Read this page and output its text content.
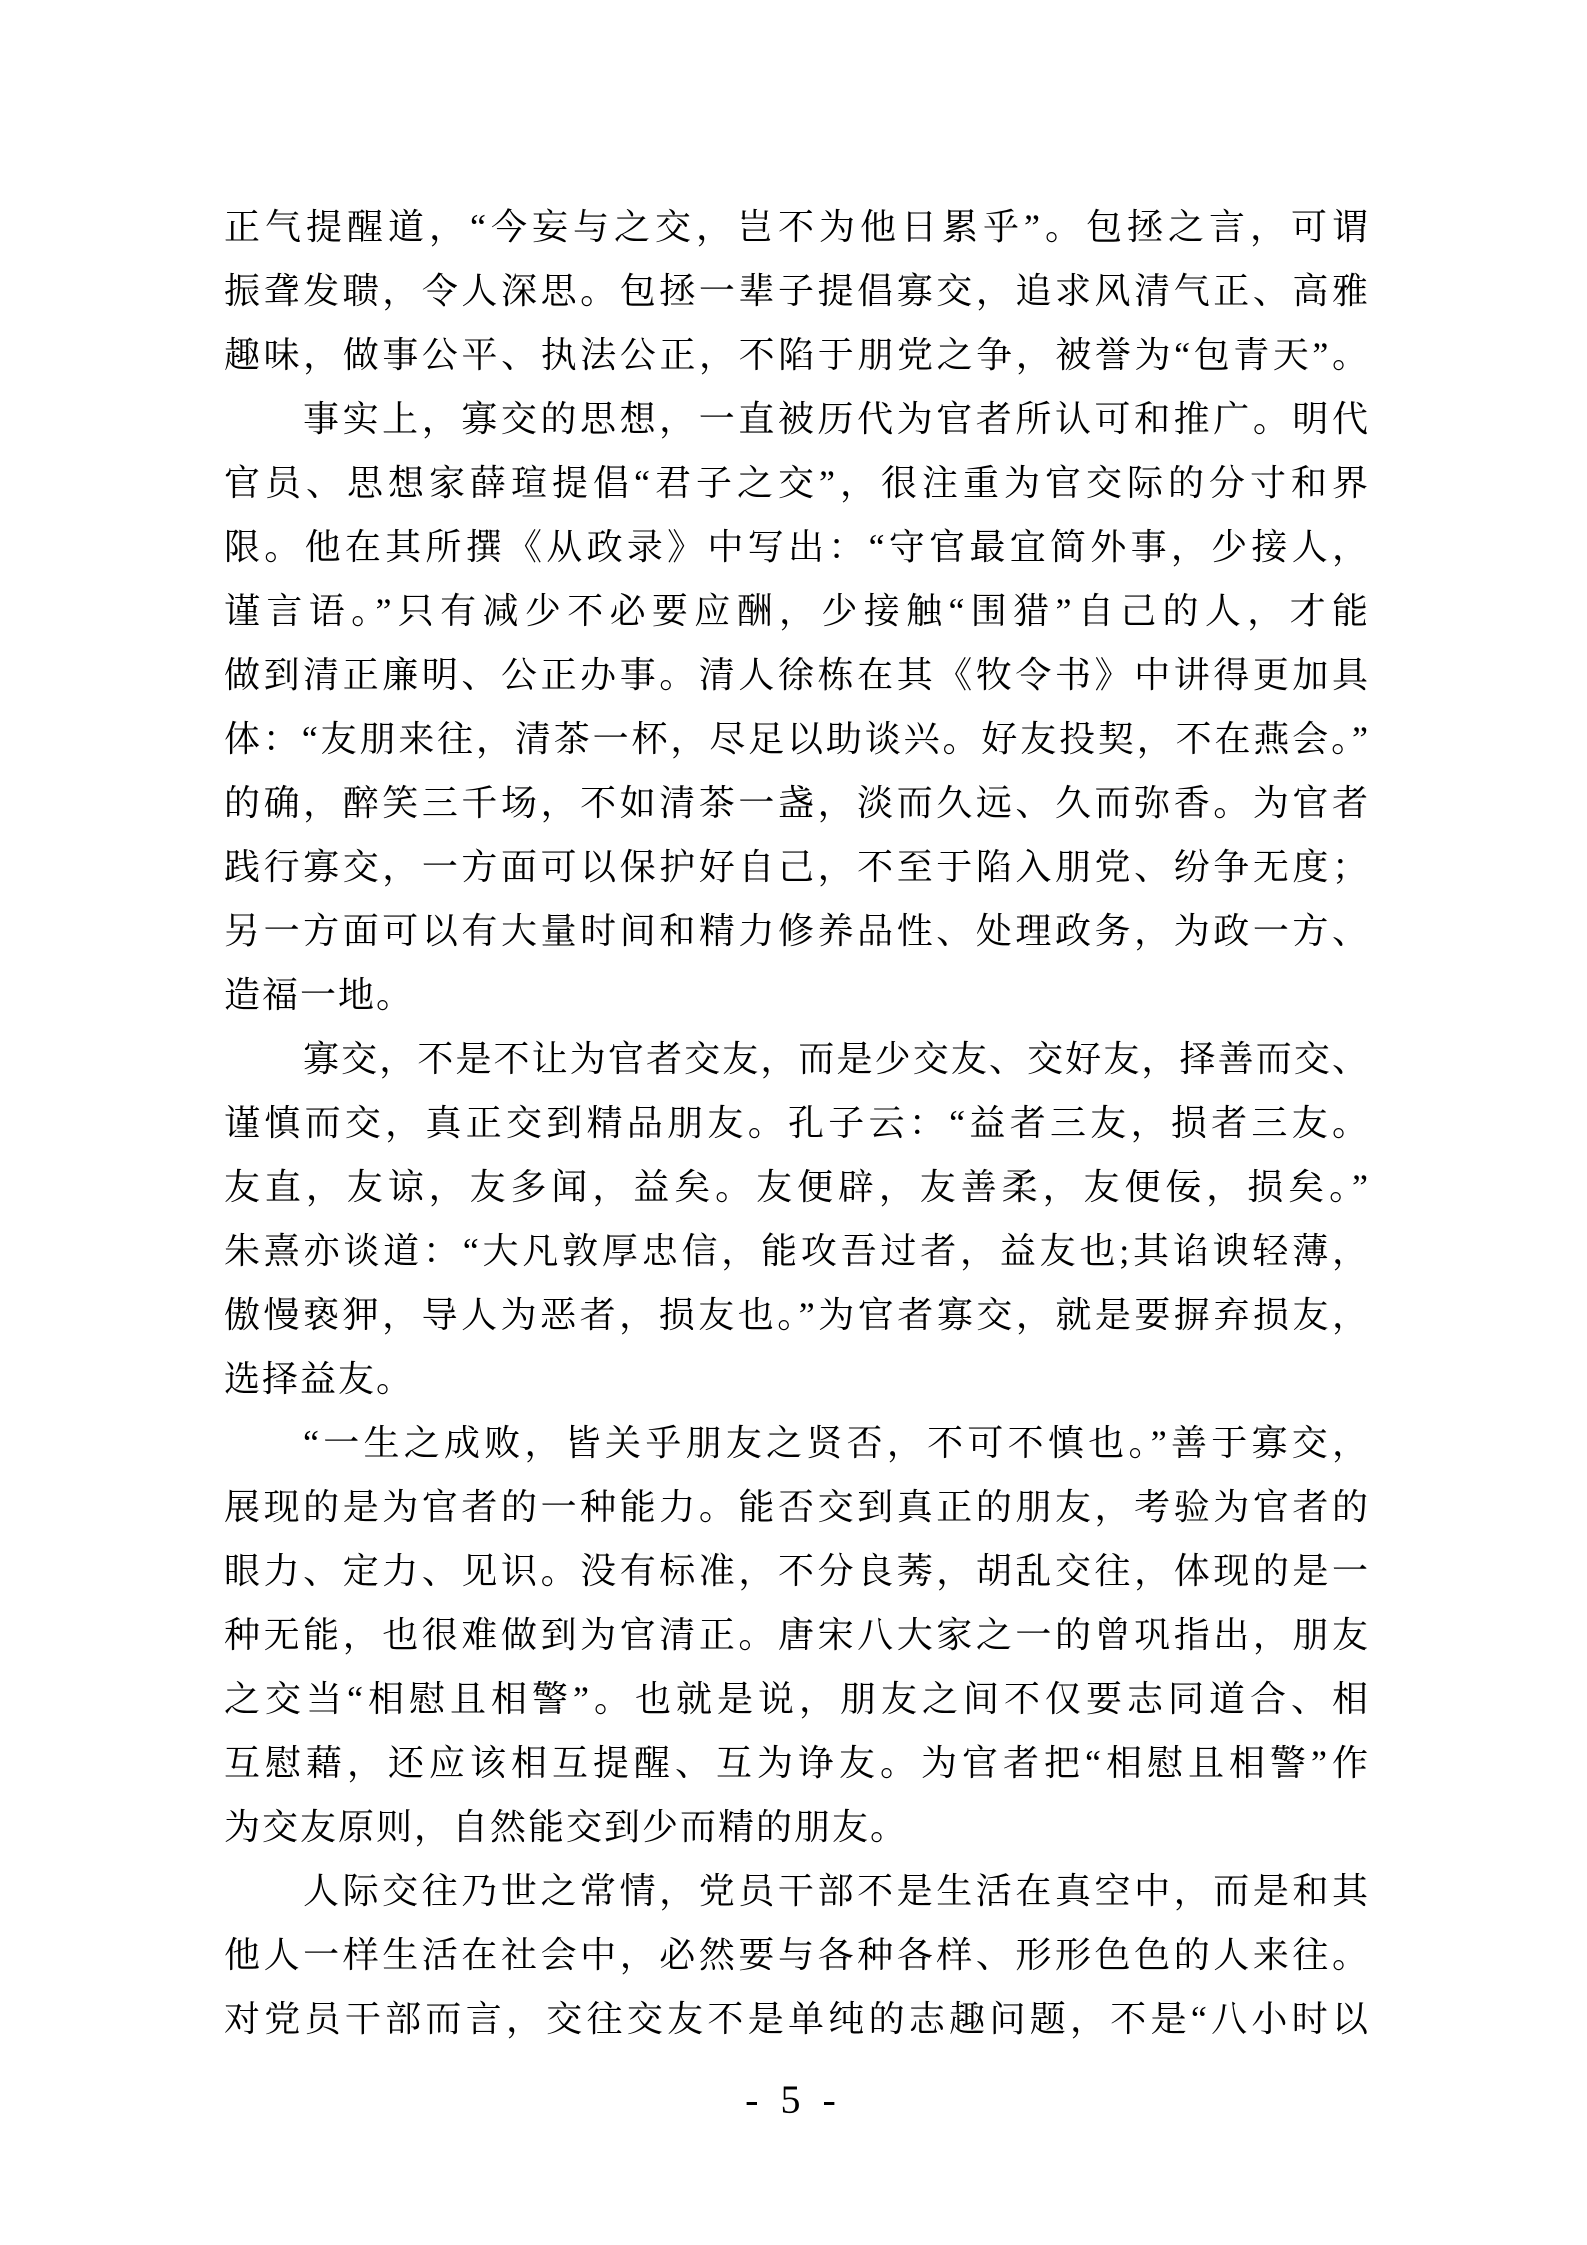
正气提醒道，“今妄与之交，岂不为他日累乎”。包拯之言，可谓
振聋发聩，令人深思。包拯一辈子提倡寡交，追求风清气正、高雅
趣味，做事公平、执法公正，不陷于朋党之争，被誉为“包青天”。
事实上，寡交的思想，一直被历代为官者所认可和推广。明代
官员、思想家薛瑄提倡“君子之交”，很注重为官交际的分寸和界
限。他在其所撰《从政录》中写出：“守官最宜简外事，少接人，
谨言语。”只有减少不必要应酬，少接触“围猎”自己的人，才能
做到清正廉明、公正办事。清人徐栋在其《牧令书》中讲得更加具
体：“友朋来往，清茶一杯，尽足以助谈兴。好友投契，不在燕会。”
的确，醉笑三千场，不如清茶一盏，淡而久远、久而弥香。为官者
践行寡交，一方面可以保护好自己，不至于陷入朋党、纷争无度；
另一方面可以有大量时间和精力修养品性、处理政务，为政一方、
造福一地。
寡交，不是不让为官者交友，而是少交友、交好友，择善而交、
谨慎而交，真正交到精品朋友。孔子云：“益者三友，损者三友。
友直，友谅，友多闻，益矣。友便辟，友善柔，友便佞，损矣。”
朱熹亦谈道：“大凡敦厚忠信，能攻吾过者，益友也;其谄谀轻薄，
傲慢亵狎，导人为恶者，损友也。”为官者寡交，就是要摒弃损友，
选择益友。
“一生之成败，皆关乎朋友之贤否，不可不慎也。”善于寡交，
展现的是为官者的一种能力。能否交到真正的朋友，考验为官者的
眼力、定力、见识。没有标准，不分良莠，胡乱交往，体现的是一
种无能，也很难做到为官清正。唐宋八大家之一的曾巩指出，朋友
之交当“相慰且相警”。也就是说，朋友之间不仅要志同道合、相
互慰藉，还应该相互提醒、互为诤友。为官者把“相慰且相警”作
为交友原则，自然能交到少而精的朋友。
人际交往乃世之常情，党员干部不是生活在真空中，而是和其
他人一样生活在社会中，必然要与各种各样、形形色色的人来往。
对党员干部而言，交往交友不是单纯的志趣问题，不是“八小时以
- 5 -
